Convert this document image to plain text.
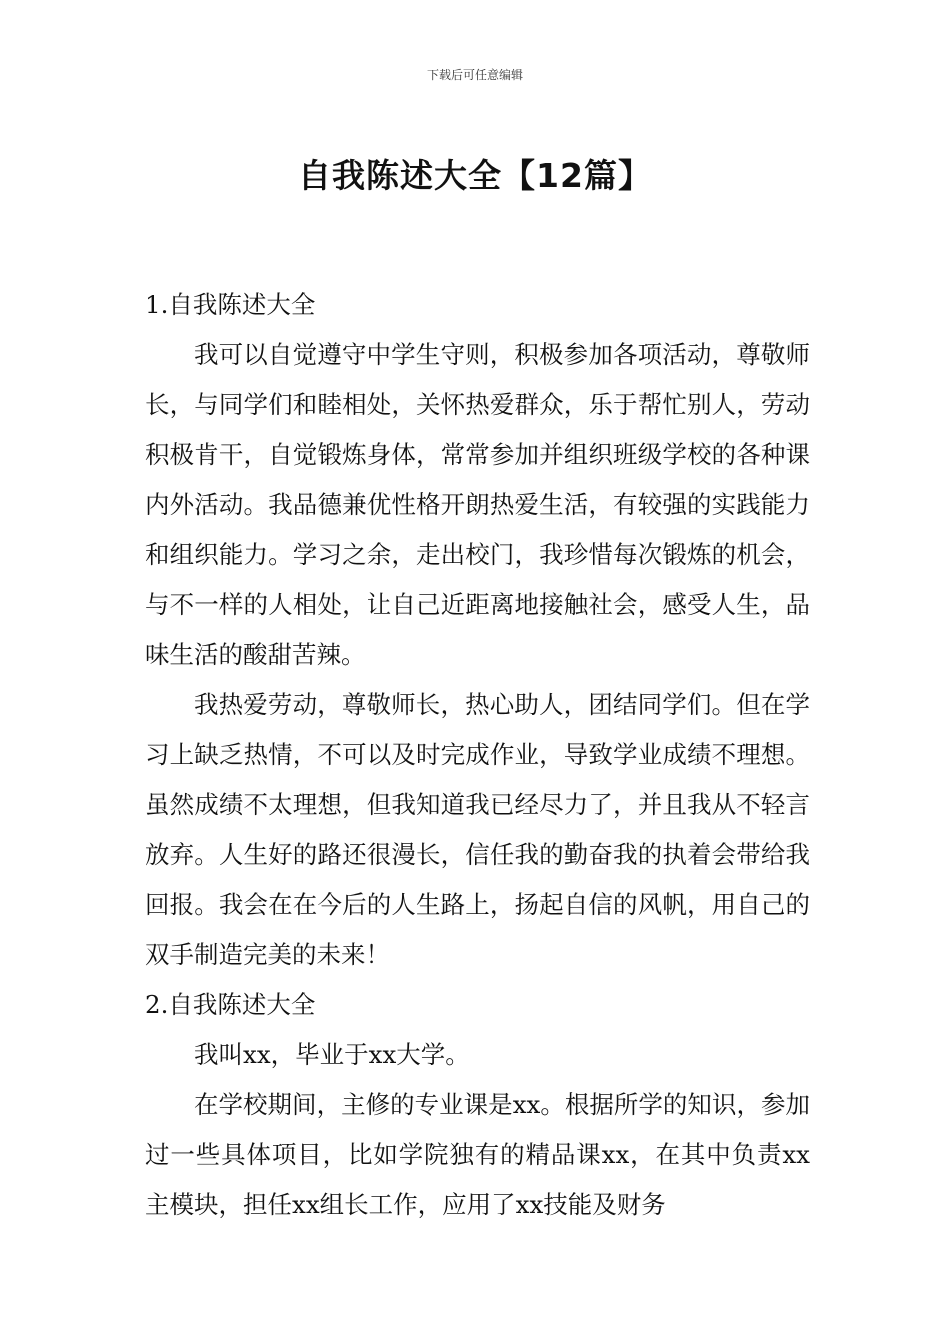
下载后可任意编辑
自我陈述大全【12篇】

1.自我陈述大全

我可以自觉遵守中学生守则，积极参加各项活动，尊敬师长，与同学们和睦相处，关怀热爱群众，乐于帮忙别人，劳动积极肯干，自觉锻炼身体，常常参加并组织班级学校的各种课内外活动。我品德兼优性格开朗热爱生活，有较强的实践能力和组织能力。学习之余，走出校门，我珍惜每次锻炼的机会，与不一样的人相处，让自己近距离地接触社会，感受人生，品味生活的酸甜苦辣。

我热爱劳动，尊敬师长，热心助人，团结同学们。但在学习上缺乏热情，不可以及时完成作业，导致学业成绩不理想。虽然成绩不太理想，但我知道我已经尽力了，并且我从不轻言放弃。人生好的路还很漫长，信任我的勤奋我的执着会带给我回报。我会在在今后的人生路上，扬起自信的风帆，用自己的双手制造完美的未来！

2.自我陈述大全

我叫xx，毕业于xx大学。

在学校期间，主修的专业课是xx。根据所学的知识，参加过一些具体项目，比如学院独有的精品课xx，在其中负责xx主模块，担任xx组长工作，应用了xx技能及财务
